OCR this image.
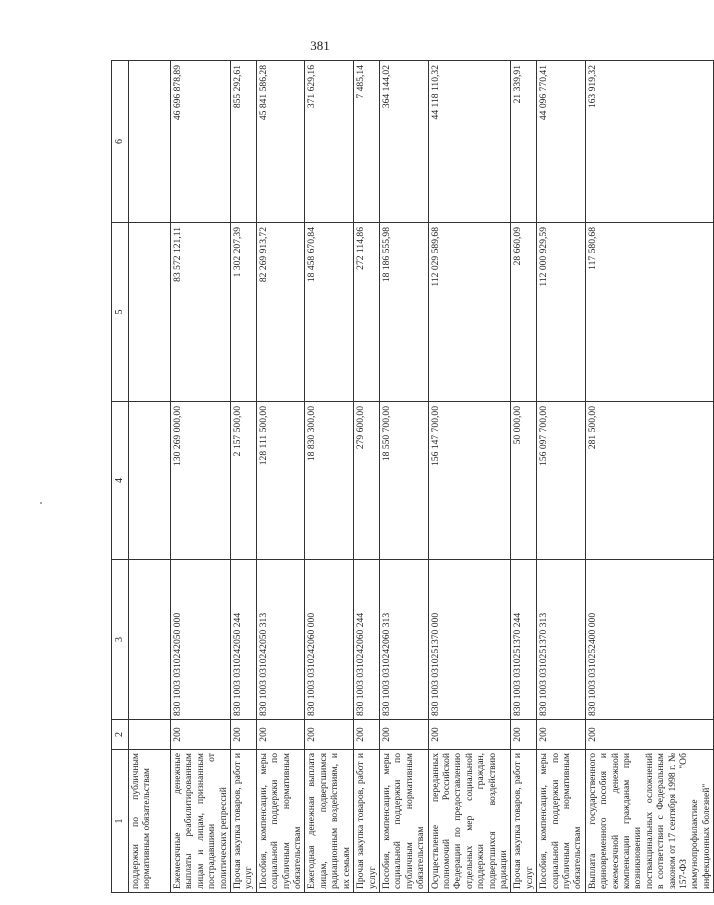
381
1	2	3	4	5	6
поддержки по публичным нормативным обязательствам					
Ежемесячные денежные выплаты реабилитированным лицам и лицам, признанным пострадавшими от политических репрессий	200	830 1003 0310242050 000	130 269 000,00	83 572 121,11	46 696 878,89
Прочая закупка товаров, работ и услуг	200	830 1003 0310242050 244	2 157 500,00	1 302 207,39	855 292,61
Пособия, компенсации, меры социальной поддержки по публичным нормативным обязательствам	200	830 1003 0310242050 313	128 111 500,00	82 269 913,72	45 841 586,28
Ежегодная денежная выплата лицам, подвергшимся радиационным воздействиям, и их семьям	200	830 1003 0310242060 000	18 830 300,00	18 458 670,84	371 629,16
Прочая закупка товаров, работ и услуг	200	830 1003 0310242060 244	279 600,00	272 114,86	7 485,14
Пособия, компенсации, меры социальной поддержки по публичным нормативным обязательствам	200	830 1003 0310242060 313	18 550 700,00	18 186 555,98	364 144,02
Осуществление переданных полномочий Российской Федерации по предоставлению отдельных мер социальной поддержки граждан, подвергшихся воздействию радиации	200	830 1003 0310251370 000	156 147 700,00	112 029 589,68	44 118 110,32
Прочая закупка товаров, работ и услуг	200	830 1003 0310251370 244	50 000,00	28 660,09	21 339,91
Пособия, компенсации, меры социальной поддержки по публичным нормативным обязательствам	200	830 1003 0310251370 313	156 097 700,00	112 000 929,59	44 096 770,41
Выплата государственного единовременного пособия и ежемесячной денежной компенсации гражданам при возникновении поствакцинальных осложнений в соответствии с Федеральным законом от 17 сентября 1998 г. № 157-ФЗ "Об иммунопрофилактике инфекционных болезней"	200	830 1003 0310252400 000	281 500,00	117 580,68	163 919,32
